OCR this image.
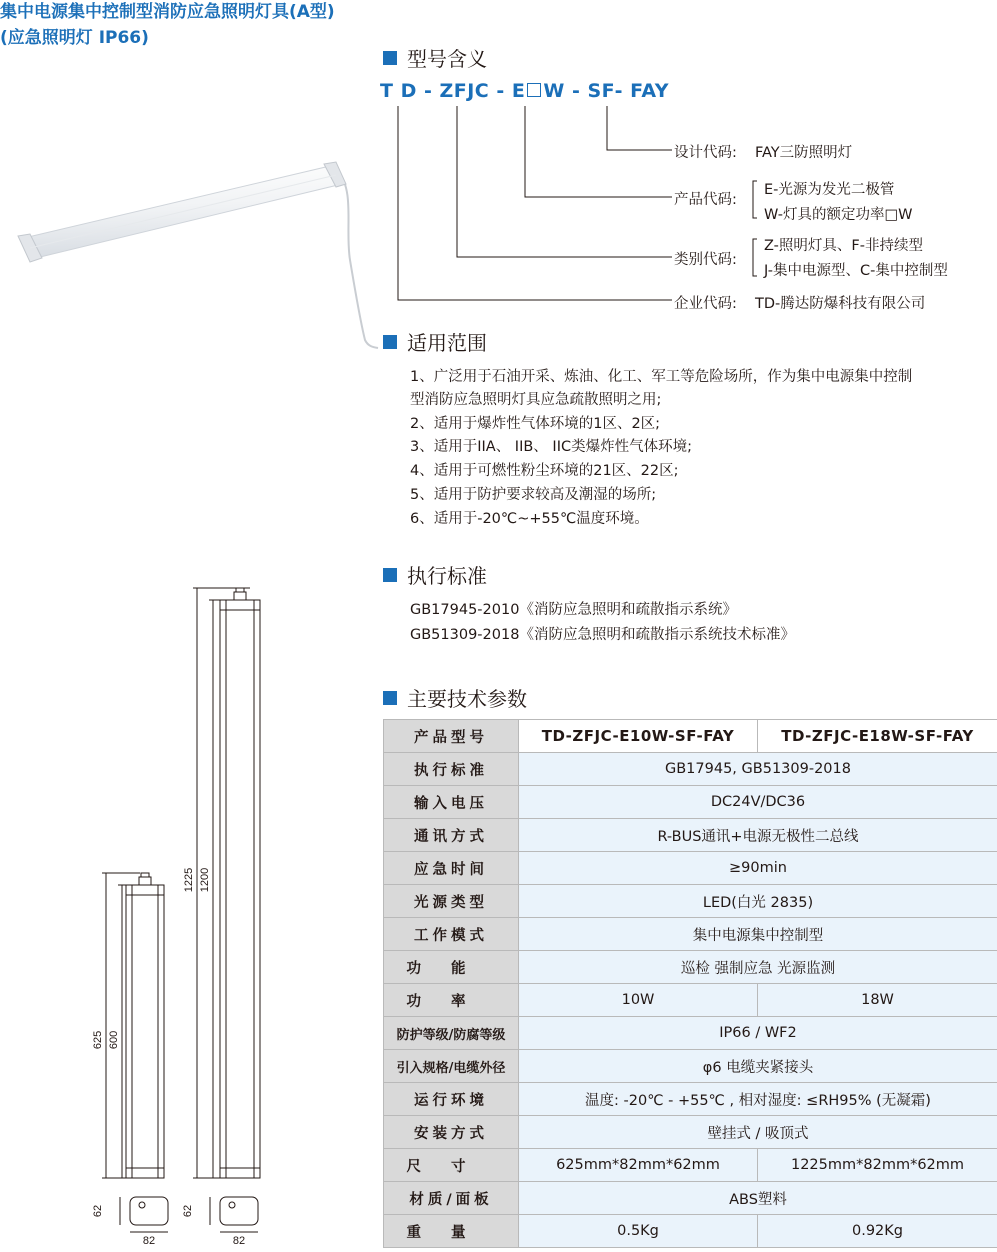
集中电源集中控制型消防应急照明灯具(A型)
(应急照明灯 IP66)
型号含义
T D - ZFJC - E W - SF- FAY
设计代码: FAY三防照明灯
产品代码:
E-光源为发光二极管
W-灯具的额定功率□W
类别代码:
Z-照明灯具、F-非持续型
J-集中电源型、C-集中控制型
企业代码: TD-腾达防爆科技有限公司
适用范围
1、广泛用于石油开采、炼油、化工、军工等危险场所，作为集中电源集中控制
型消防应急照明灯具应急疏散照明之用;
2、适用于爆炸性气体环境的1区、2区;
3、适用于IIA、 IIB、 IIC类爆炸性气体环境;
4、适用于可燃性粉尘环境的21区、22区;
5、适用于防护要求较高及潮湿的场所;
6、适用于-20℃~+55℃温度环境。
执行标准
GB17945-2010《消防应急照明和疏散指示系统》
GB51309-2018《消防应急照明和疏散指示系统技术标准》
主要技术参数
产品型号	TD-ZFJC-E10W-SF-FAY	TD-ZFJC-E18W-SF-FAY
执行标准	GB17945, GB51309-2018	
输入电压	DC24V/DC36	
通讯方式	R-BUS通讯+电源无极性二总线	
应急时间	≥90min	
光源类型	LED(白光 2835)	
工作模式	集中电源集中控制型	
功能	巡检 强制应急 光源监测	
功率	10W	18W
防护等级/防腐等级	IP66 / WF2	
引入规格/电缆外径	φ6 电缆夹紧接头	
运行环境	温度: -20℃ - +55℃ , 相对湿度: ≤RH95% (无凝霜)	
安装方式	壁挂式 / 吸顶式	
尺寸	625mm*82mm*62mm	1225mm*82mm*62mm
材质/面板	ABS塑料	
重量	0.5Kg	0.92Kg
625 600
1225 1200
62	62
82	82
